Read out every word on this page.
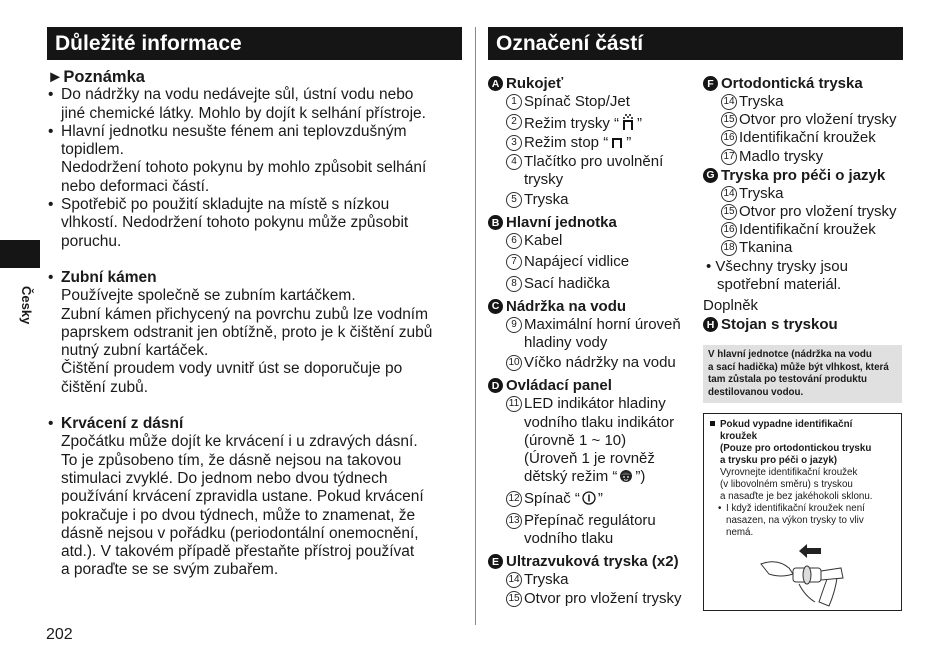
Důležité informace	Označení částí
Česky
202
►Poznámka
• Do nádržky na vodu nedávejte sůl, ústní vodu nebo
jiné chemické látky. Mohlo by dojít k selhání přístroje.
• Hlavní jednotku nesušte fénem ani teplovzdušným
topidlem.
Nedodržení tohoto pokynu by mohlo způsobit selhání
nebo deformaci částí.
• Spotřebič po použití skladujte na místě s nízkou
vlhkostí. Nedodržení tohoto pokynu může způsobit
poruchu.
• Zubní kámen
Používejte společně se zubním kartáčkem.
Zubní kámen přichycený na povrchu zubů lze vodním
paprskem odstranit jen obtížně, proto je k čištění zubů
nutný zubní kartáček.
Čištění proudem vody uvnitř úst se doporučuje po
čištění zubů.
• Krvácení z dásní
Zpočátku může dojít ke krvácení i u zdravých dásní.
To je způsobeno tím, že dásně nejsou na takovou
stimulaci zvyklé. Do jednom nebo dvou týdnech
používání krvácení zpravidla ustane. Pokud krvácení
pokračuje i po dvou týdnech, může to znamenat, že
dásně nejsou v pořádku (periodontální onemocnění,
atd.). V takovém případě přestaňte přístroj používat
a poraďte se se svým zubařem.
A Rukojeť
1 Spínač Stop/Jet
2 Režim trysky “ ”
3 Režim stop “ ”
4 Tlačítko pro uvolnění
trysky
5 Tryska
B Hlavní jednotka
6 Kabel
7 Napájecí vidlice
8 Sací hadička
C Nádržka na vodu
9 Maximální horní úroveň
hladiny vody
10 Víčko nádržky na vodu
D Ovládací panel
11 LED indikátor hladiny
vodního tlaku indikátor
(úrovně 1 ~ 10)
(Úroveň 1 je rovněž
dětský režim “ ”)
12 Spínač “ ”
13 Přepínač regulátoru
vodního tlaku
E Ultrazvuková tryska (x2)
14 Tryska
15 Otvor pro vložení trysky
F Ortodontická tryska
14 Tryska
15 Otvor pro vložení trysky
16 Identifikační kroužek
17 Madlo trysky
G Tryska pro péči o jazyk
14 Tryska
15 Otvor pro vložení trysky
16 Identifikační kroužek
18 Tkanina
• Všechny trysky jsou
spotřební materiál.
Doplněk
H Stojan s tryskou
V hlavní jednotce (nádržka na vodu
a sací hadička) může být vlhkost, která
tam zůstala po testování produktu
destilovanou vodou.
Pokud vypadne identifikační
kroužek
(Pouze pro ortodontickou trysku
a trysku pro péči o jazyk)
Vyrovnejte identifikační kroužek
(v libovolném směru) s tryskou
a nasaďte je bez jakéhokoli sklonu.
• I když identifikační kroužek není
nasazen, na výkon trysky to vliv
nemá.
